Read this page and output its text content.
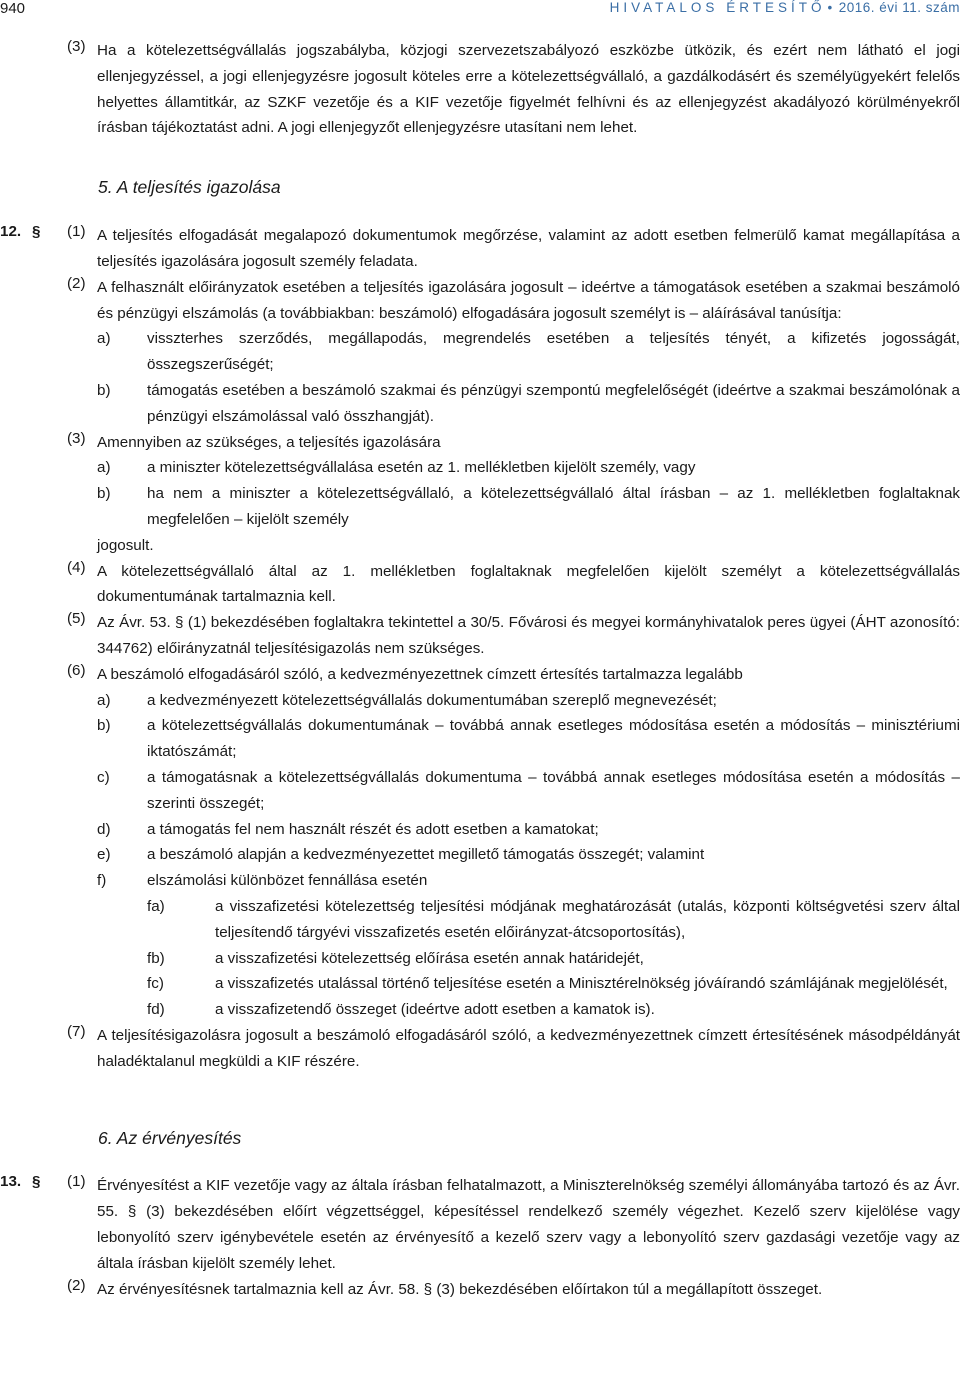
940	HIVATALOS ÉRTESÍTŐ • 2016. évi 11. szám
(3) Ha a kötelezettségvállalás jogszabályba, közjogi szervezetszabályozó eszközbe ütközik, és ezért nem látható el jogi ellenjegyzéssel, a jogi ellenjegyzésre jogosult köteles erre a kötelezettségvállaló, a gazdálkodásért és személyügyekért felelős helyettes államtitkár, az SZKF vezetője és a KIF vezetője figyelmét felhívni és az ellenjegyzést akadályozó körülményekről írásban tájékoztatást adni. A jogi ellenjegyzőt ellenjegyzésre utasítani nem lehet.
5. A teljesítés igazolása
12. § (1) A teljesítés elfogadását megalapozó dokumentumok megőrzése, valamint az adott esetben felmerülő kamat megállapítása a teljesítés igazolására jogosult személy feladata.
(2) A felhasznált előirányzatok esetében a teljesítés igazolására jogosult – ideértve a támogatások esetében a szakmai beszámoló és pénzügyi elszámolás (a továbbiakban: beszámoló) elfogadására jogosult személyt is – aláírásával tanúsítja:
a) visszterhes szerződés, megállapodás, megrendelés esetében a teljesítés tényét, a kifizetés jogosságát, összegszerűségét;
b) támogatás esetében a beszámoló szakmai és pénzügyi szempontú megfelelőségét (ideértve a szakmai beszámolónak a pénzügyi elszámolással való összhangját).
(3) Amennyiben az szükséges, a teljesítés igazolására
a) a miniszter kötelezettségvállalása esetén az 1. mellékletben kijelölt személy, vagy
b) ha nem a miniszter a kötelezettségvállaló, a kötelezettségvállaló által írásban – az 1. mellékletben foglaltaknak megfelelően – kijelölt személy
jogosult.
(4) A kötelezettségvállaló által az 1. mellékletben foglaltaknak megfelelően kijelölt személyt a kötelezettségvállalás dokumentumának tartalmaznia kell.
(5) Az Ávr. 53. § (1) bekezdésében foglaltakra tekintettel a 30/5. Fővárosi és megyei kormányhivatalok peres ügyei (ÁHT azonosító: 344762) előirányzatnál teljesítésigazolás nem szükséges.
(6) A beszámoló elfogadásáról szóló, a kedvezményezettnek címzett értesítés tartalmazza legalább
a) a kedvezményezett kötelezettségvállalás dokumentumában szereplő megnevezését;
b) a kötelezettségvállalás dokumentumának – továbbá annak esetleges módosítása esetén a módosítás – minisztériumi iktatószámát;
c) a támogatásnak a kötelezettségvállalás dokumentuma – továbbá annak esetleges módosítása esetén a módosítás – szerinti összegét;
d) a támogatás fel nem használt részét és adott esetben a kamatokat;
e) a beszámoló alapján a kedvezményezettet megillető támogatás összegét; valamint
f)	elszámolási különbözet fennállása esetén
fa)	a visszafizetési kötelezettség teljesítési módjának meghatározását (utalás, központi költségvetési szerv által teljesítendő tárgyévi visszafizetés esetén előirányzat-átcsoportosítás),
fb)	a visszafizetési kötelezettség előírása esetén annak határidejét,
fc)	a visszafizetés utalással történő teljesítése esetén a Minisztérelnökség jóváírandó számlájának megjelölését,
fd)	a visszafizetendő összeget (ideértve adott esetben a kamatok is).
(7) A teljesítésigazolásra jogosult a beszámoló elfogadásáról szóló, a kedvezményezettnek címzett értesítésének másodpéldányát haladéktalanul megküldi a KIF részére.
6. Az érvényesítés
13. § (1) Érvényesítést a KIF vezetője vagy az általa írásban felhatalmazott, a Miniszterelnökség személyi állományába tartozó és az Ávr. 55. § (3) bekezdésében előírt végzettséggel, képesítéssel rendelkező személy végezhet. Kezelő szerv kijelölése vagy lebonyolító szerv igénybevétele esetén az érvényesítő a kezelő szerv vagy a lebonyolító szerv gazdasági vezetője vagy az általa írásban kijelölt személy lehet.
(2) Az érvényesítésnek tartalmaznia kell az Ávr. 58. § (3) bekezdésében előírtakon túl a megállapított összeget.
